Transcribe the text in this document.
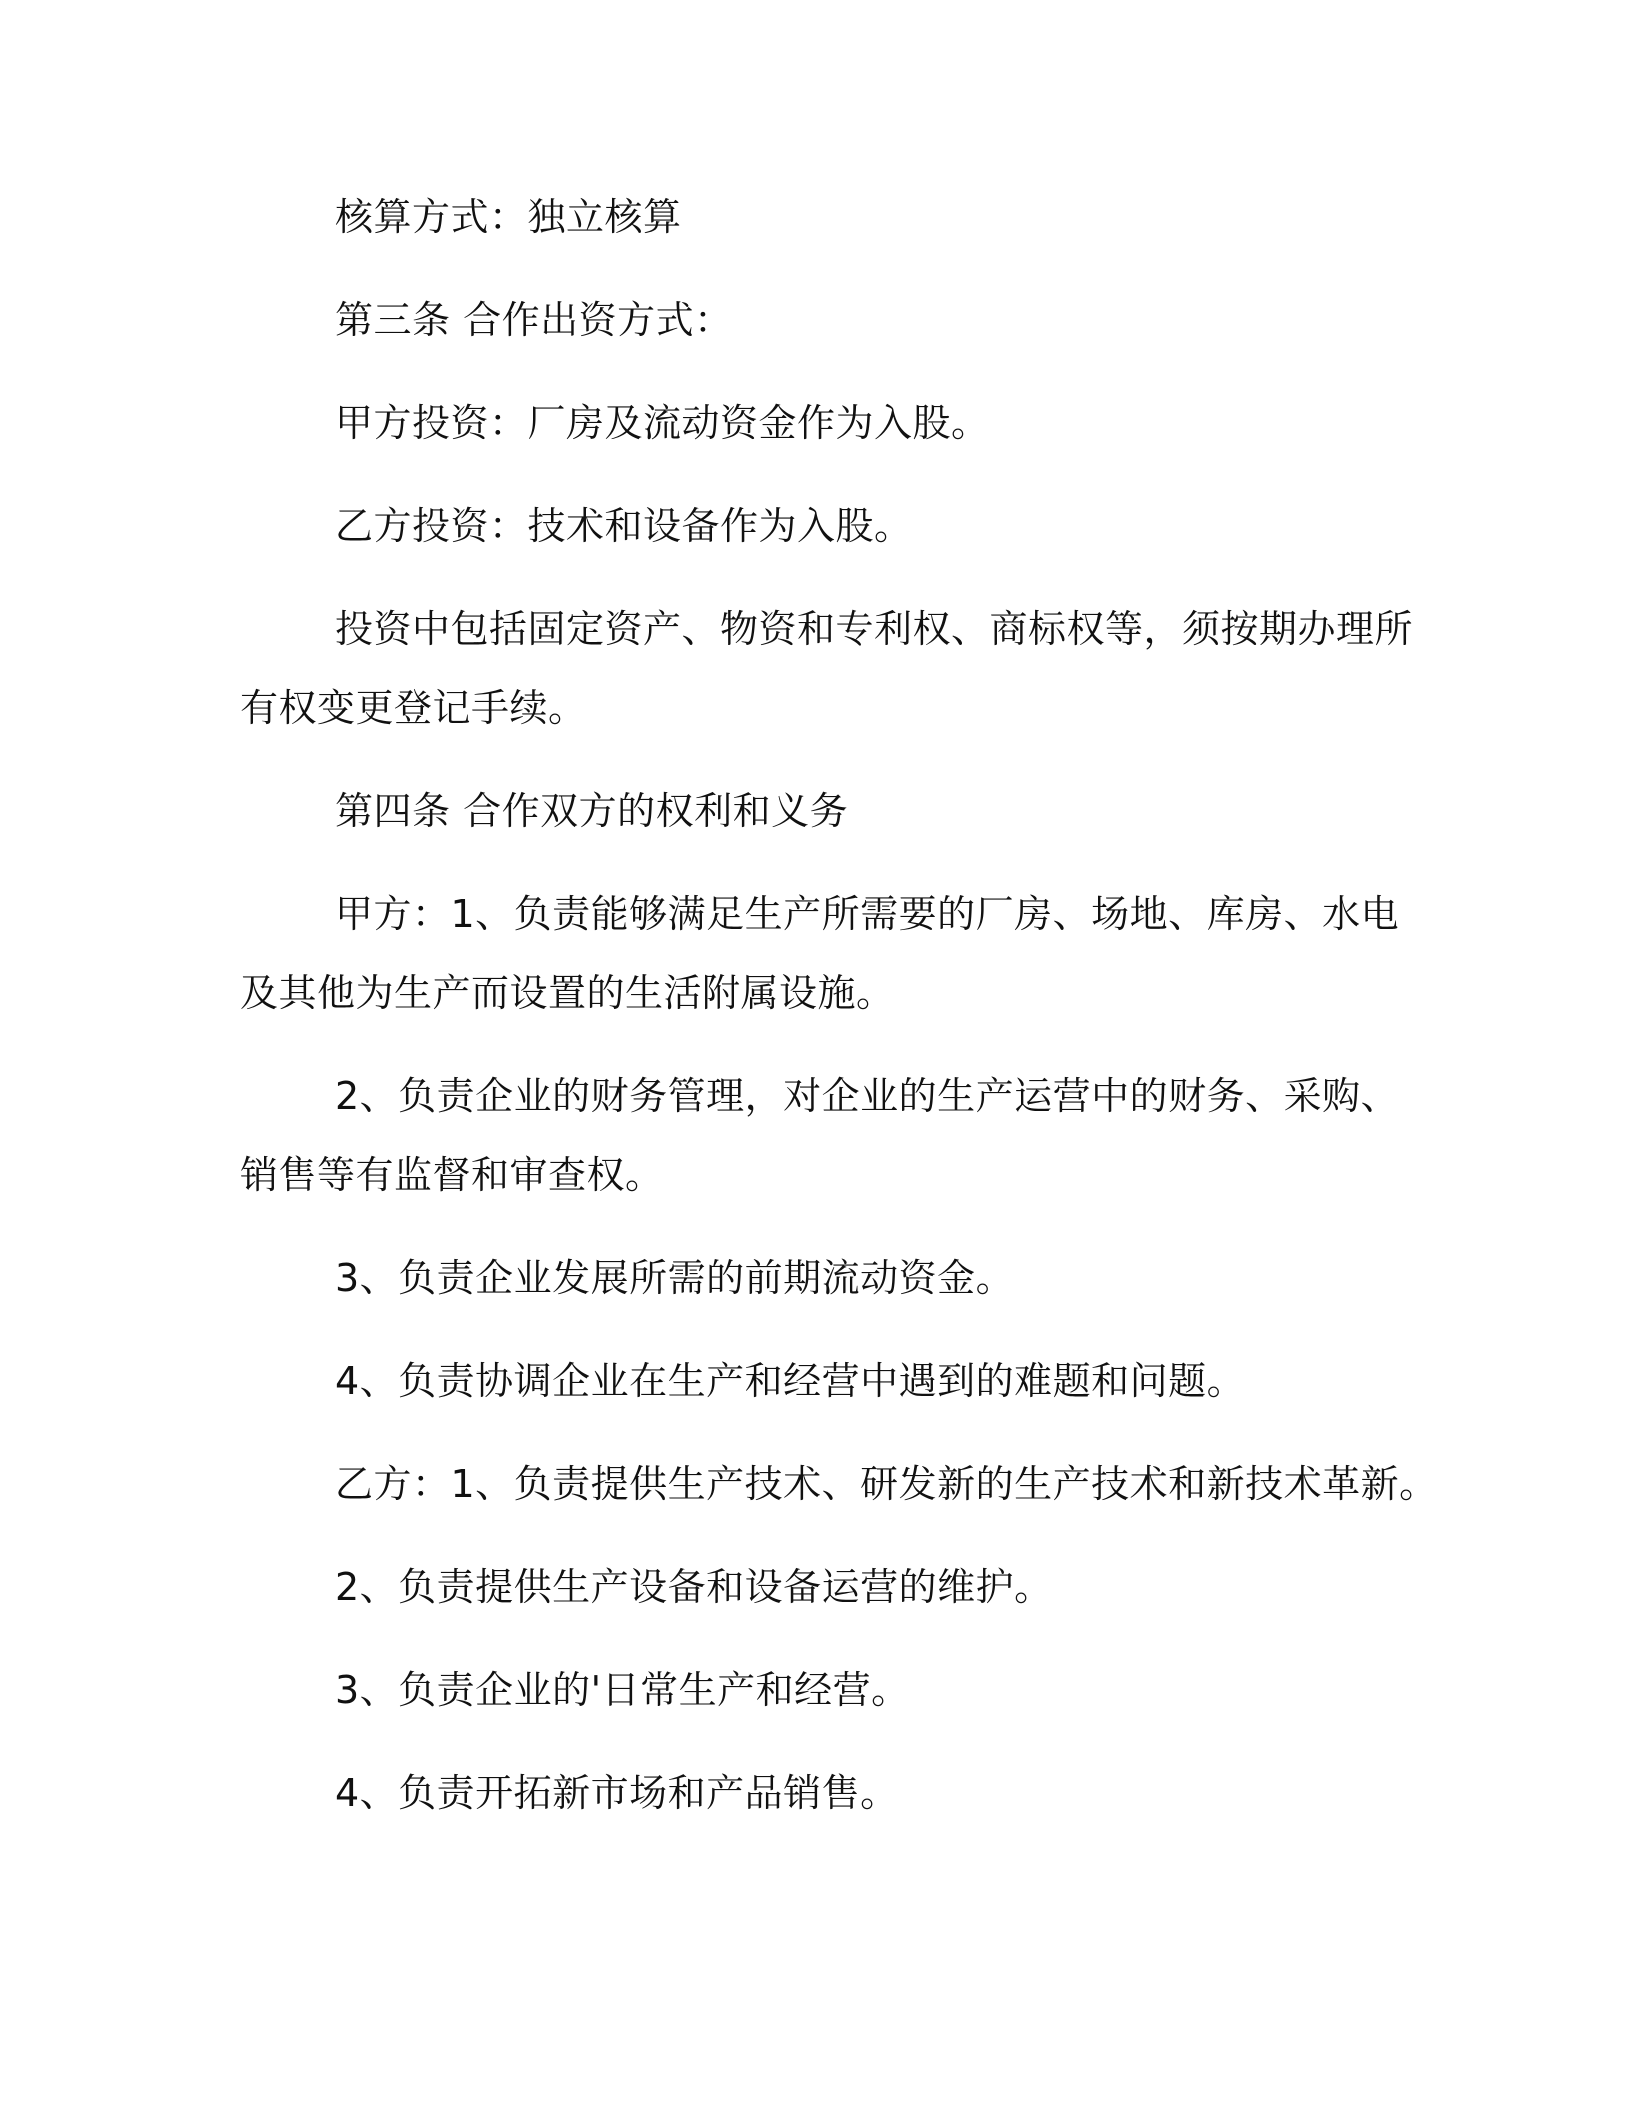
核算方式：独立核算
第三条 合作出资方式：
甲方投资：厂房及流动资金作为入股。
乙方投资：技术和设备作为入股。
投资中包括固定资产、物资和专利权、商标权等，须按期办理所
有权变更登记手续。
第四条 合作双方的权利和义务
甲方：1、负责能够满足生产所需要的厂房、场地、库房、水电
及其他为生产而设置的生活附属设施。
2、负责企业的财务管理，对企业的生产运营中的财务、采购、
销售等有监督和审查权。
3、负责企业发展所需的前期流动资金。
4、负责协调企业在生产和经营中遇到的难题和问题。
乙方：1、负责提供生产技术、研发新的生产技术和新技术革新。
2、负责提供生产设备和设备运营的维护。
3、负责企业的'日常生产和经营。
4、负责开拓新市场和产品销售。
